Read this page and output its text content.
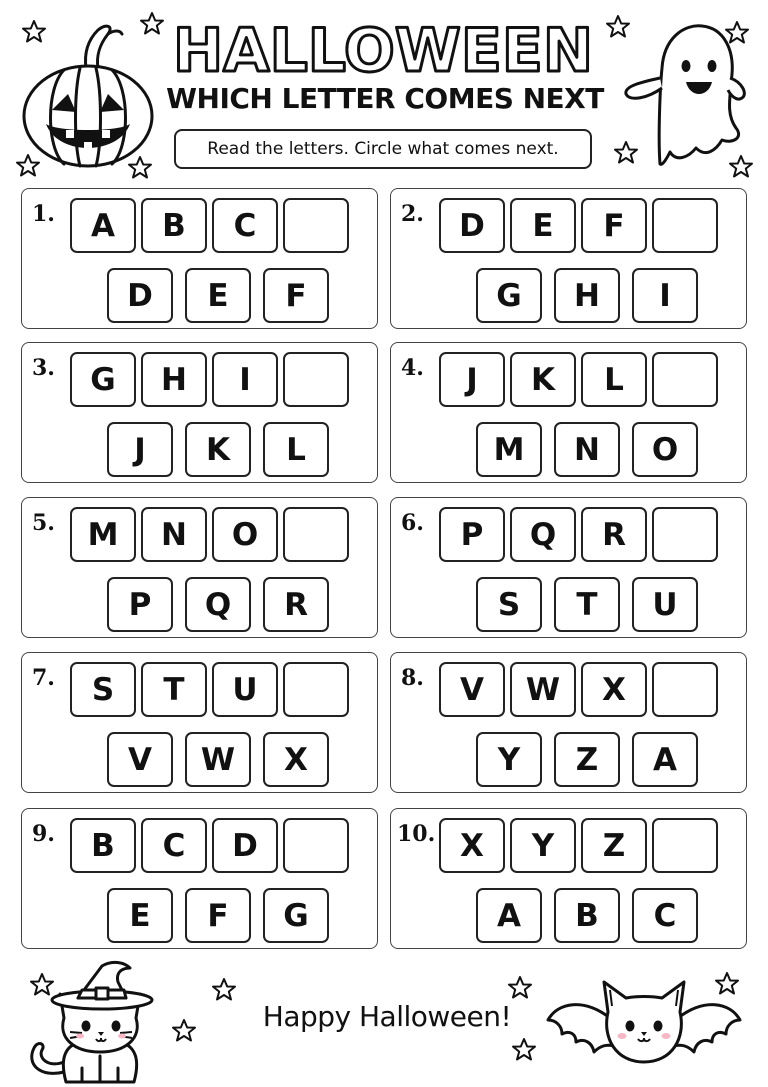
HALLOWEEN
WHICH LETTER COMES NEXT
Read the letters. Circle what comes next.
1.	A	B	C
D	E	F
2.	D	E	F
G	H	I
3.	G	H	I
J	K	L
4.	J	K	L
M	N	O
5.	M	N	O
P	Q	R
6.	P	Q	R
S	T	U
7.	S	T	U
V	W	X
8.	V	W	X
Y	Z	A
9.	B	C	D
E	F	G
10. X	Y	Z
A	B	C
Happy Halloween!
